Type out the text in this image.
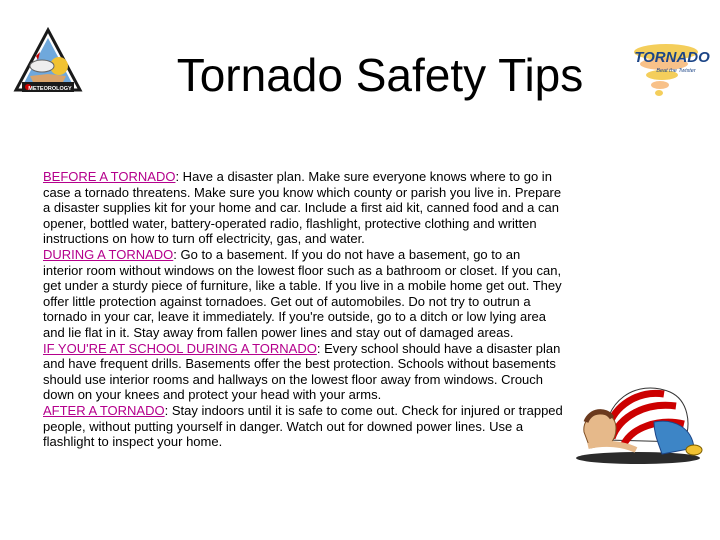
METEOROLOGY	Tornado Safety Tips	TORNADO
Beat the Twister

BEFORE A TORNADO: Have a disaster plan. Make sure everyone knows where to go in case a tornado threatens. Make sure you know which county or parish you live in. Prepare a disaster supplies kit for your home and car. Include a first aid kit, canned food and a can opener, bottled water, battery-operated radio, flashlight, protective clothing and written instructions on how to turn off electricity, gas, and water.

DURING A TORNADO: Go to a basement. If you do not have a basement, go to an interior room without windows on the lowest floor such as a bathroom or closet. If you can, get under a sturdy piece of furniture, like a table. If you live in a mobile home get out. They offer little protection against tornadoes. Get out of automobiles. Do not try to outrun a tornado in your car, leave it immediately. If you're outside, go to a ditch or low lying area and lie flat in it. Stay away from fallen power lines and stay out of damaged areas.

IF YOU'RE AT SCHOOL DURING A TORNADO: Every school should have a disaster plan and have frequent drills. Basements offer the best protection. Schools without basements should use interior rooms and hallways on the lowest floor away from windows. Crouch down on your knees and protect your head with your arms.

AFTER A TORNADO: Stay indoors until it is safe to come out. Check for injured or trapped people, without putting yourself in danger. Watch out for downed power lines. Use a flashlight to inspect your home.
